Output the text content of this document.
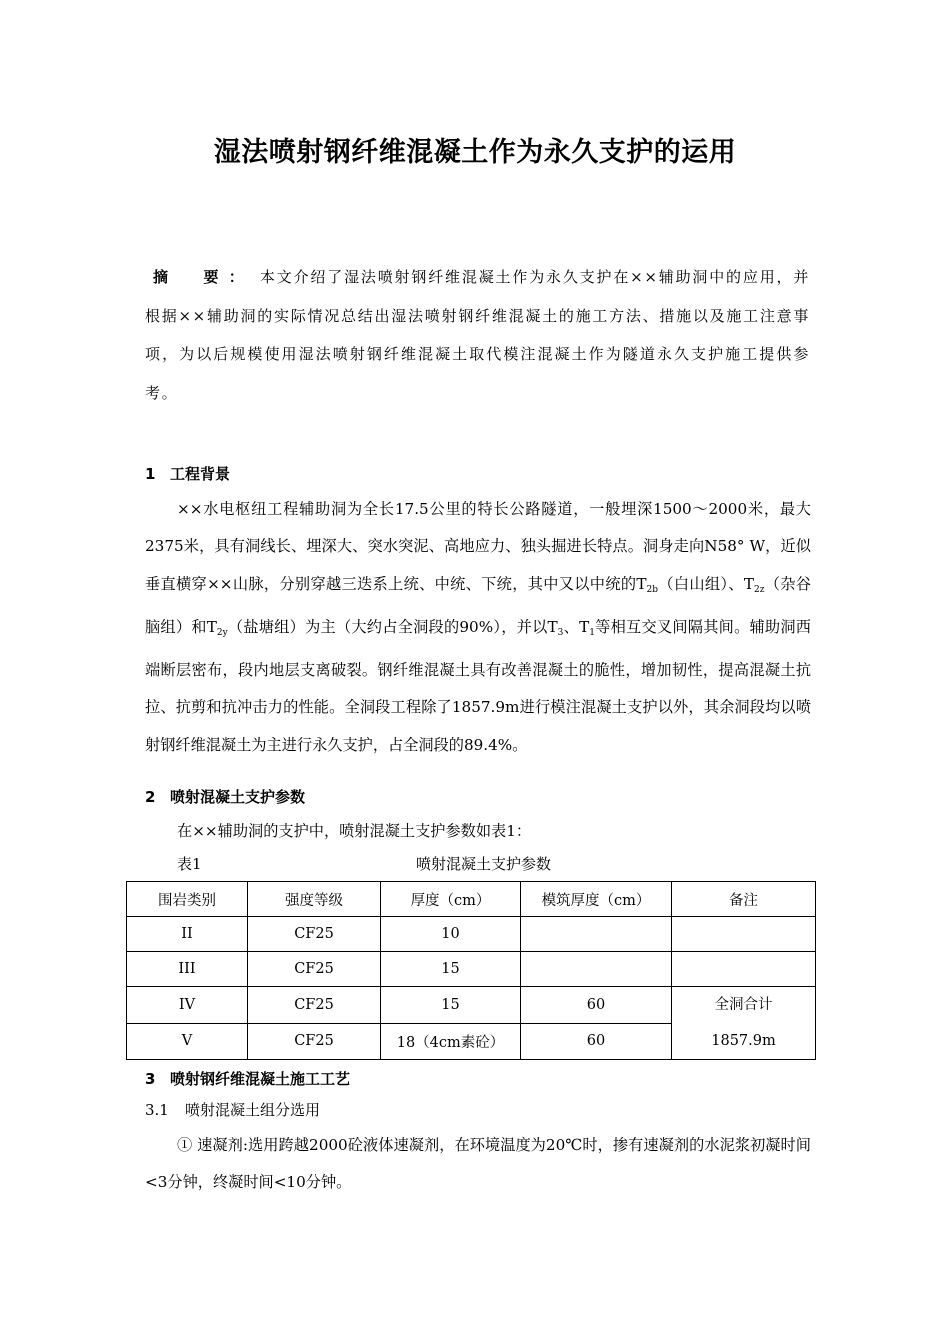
湿法喷射钢纤维混凝土作为永久支护的运用
摘　要： 本文介绍了湿法喷射钢纤维混凝土作为永久支护在××辅助洞中的应用，并根据××辅助洞的实际情况总结出湿法喷射钢纤维混凝土的施工方法、措施以及施工注意事项，为以后规模使用湿法喷射钢纤维混凝土取代模注混凝土作为隧道永久支护施工提供参考。
1 工程背景
××水电枢纽工程辅助洞为全长17.5公里的特长公路隧道，一般埋深1500～2000米，最大2375米，具有洞线长、埋深大、突水突泥、高地应力、独头掘进长特点。洞身走向N58° W，近似垂直横穿××山脉，分别穿越三迭系上统、中统、下统，其中又以中统的$T_{2b}$（白山组）、$T_{2z}$（杂谷脑组）和$T_{2y}$（盐塘组）为主（大约占全洞段的90%），并以$T_3$、$T_1$等相互交叉间隔其间。辅助洞西端断层密布，段内地层支离破裂。钢纤维混凝土具有改善混凝土的脆性，增加韧性，提高混凝土抗拉、抗剪和抗冲击力的性能。全洞段工程除了1857.9m进行模注混凝土支护以外，其余洞段均以喷射钢纤维混凝土为主进行永久支护，占全洞段的89.4%。
2 喷射混凝土支护参数
在××辅助洞的支护中，喷射混凝土支护参数如表1：
表1	喷射混凝土支护参数
围岩类别	强度等级	厚度（cm）	模筑厚度（cm）	备注
II	CF25	10		
III	CF25	15		
IV	CF25	15	60	全洞合计
1857.9m

V	CF25	18（4cm素砼）	60	
3 喷射钢纤维混凝土施工工艺
3.1 喷射混凝土组分选用
① 速凝剂:选用跨越2000砼液体速凝剂，在环境温度为20℃时，掺有速凝剂的水泥浆初凝时间<3分钟，终凝时间<10分钟。
